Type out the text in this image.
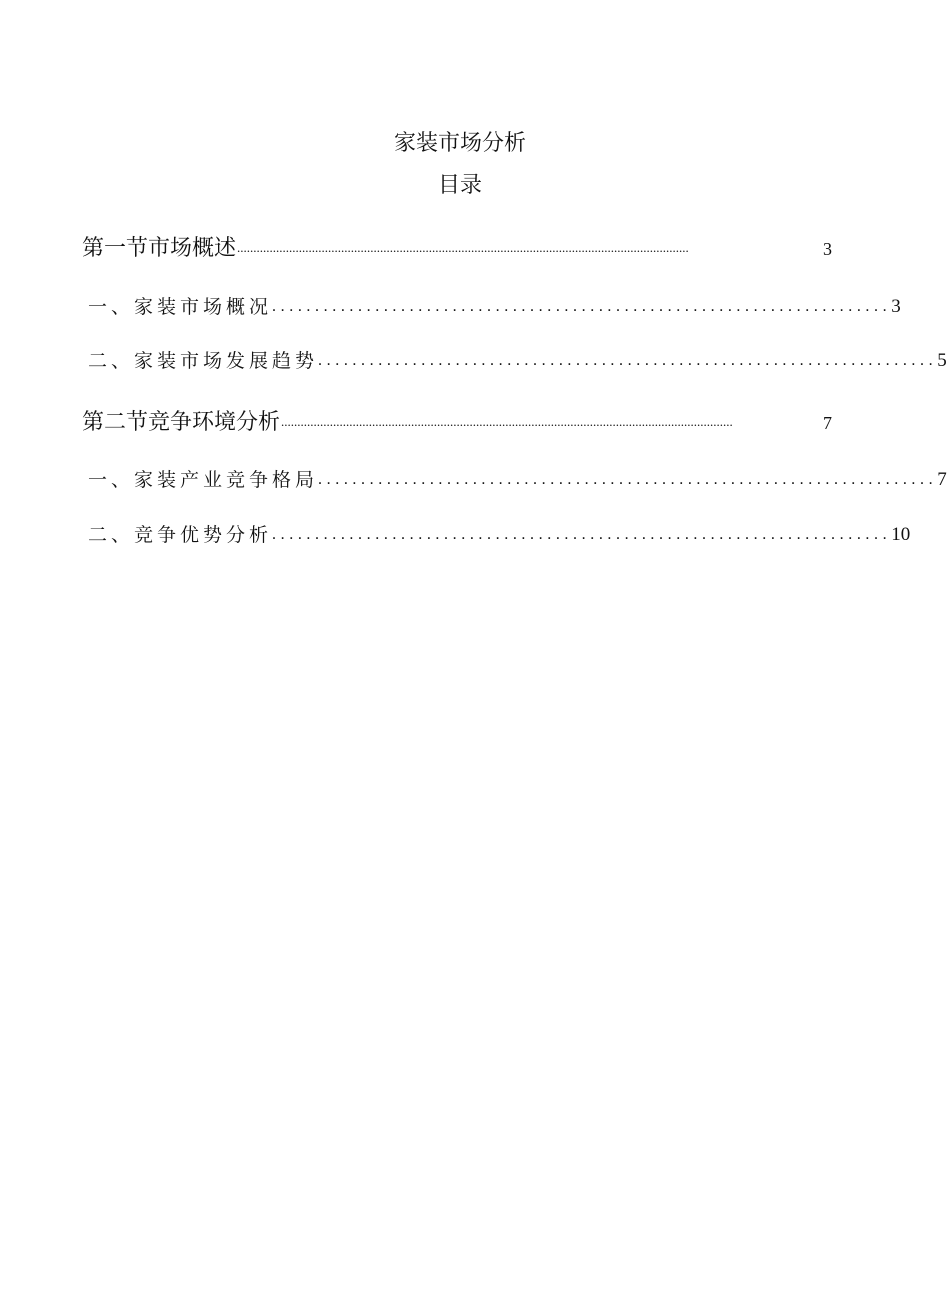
家装市场分析
目录
第一节市场概述 ...........................................................................................................................................	3
一、家装市场概况 ........................................................................ 3
二、家装市场发展趋势 ........................................................................ 5
第二节竞争环境分析 ...........................................................................................................................................	7
一、家装产业竞争格局 ........................................................................ 7
二、竞争优势分析 ........................................................................ 10
